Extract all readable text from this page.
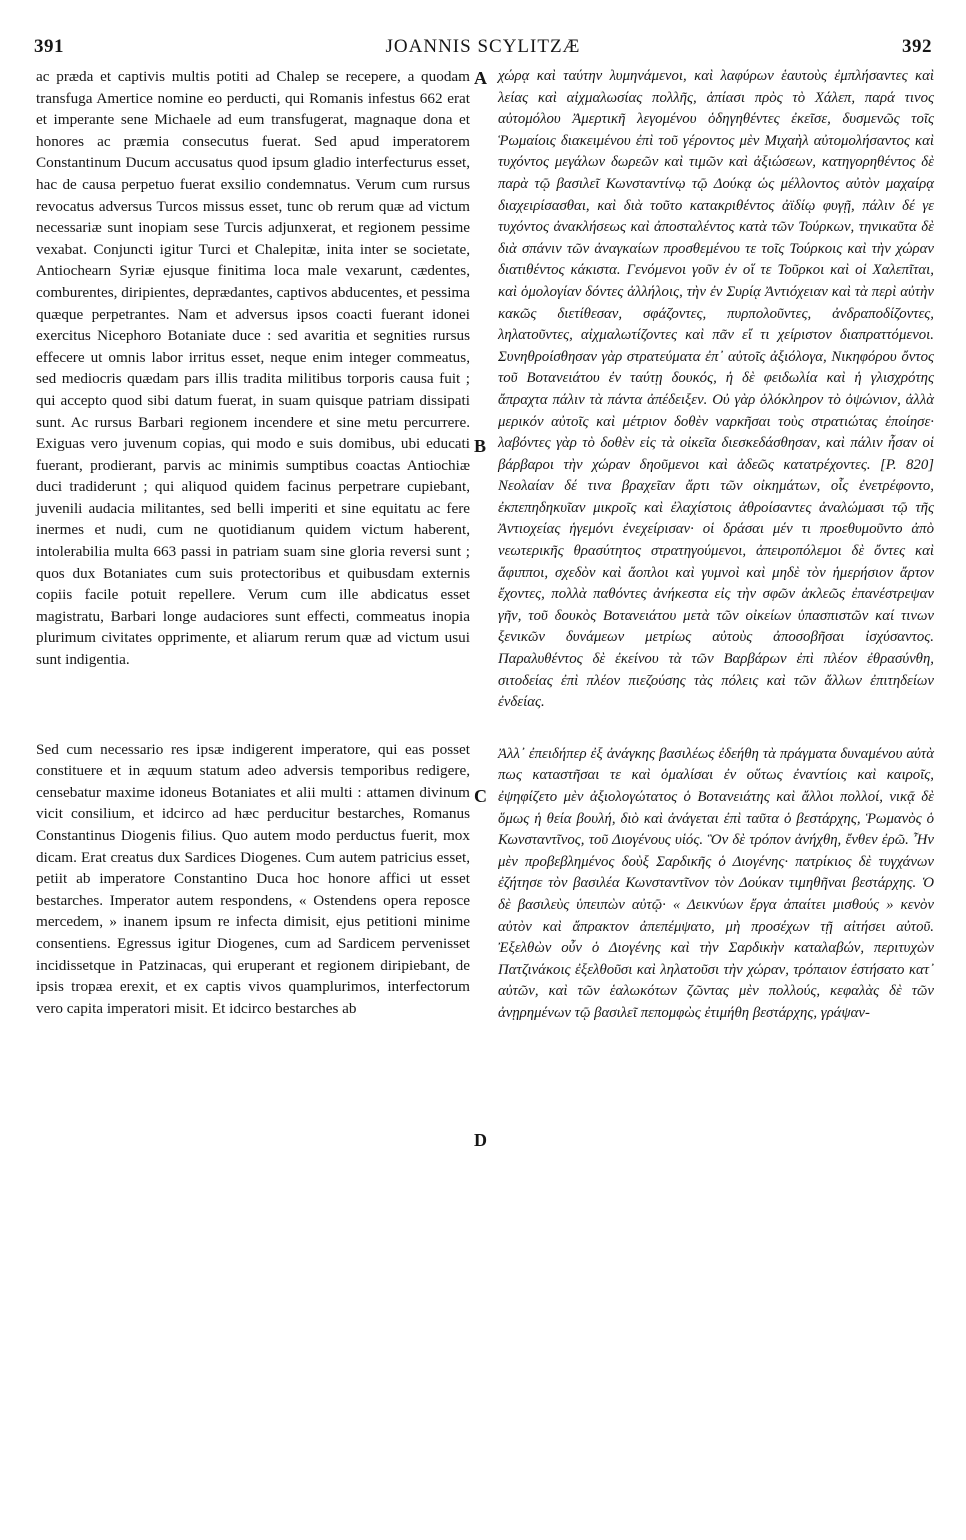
391	JOANNIS SCYLITZÆ	392

ac præda et captivis multis potiti ad Chalep se recepere, a quodam transfuga Amertice nomine eo perducti, qui Romanis infestus 662 erat et imperante sene Michaele ad eum transfugerat, magnaque dona et honores ac præmia consecutus fuerat. Sed apud imperatorem Constantinum Ducum accusatus quod ipsum gladio interfecturus esset, hac de causa perpetuo fuerat exsilio condemnatus. Verum cum rursus revocatus adversus Turcos missus esset, tunc ob rerum quæ ad victum necessariæ sunt inopiam sese Turcis adjunxerat, et regionem pessime vexabat. Conjuncti igitur Turci et Chalepitæ, inita inter se societate, Antiochearn Syriæ ejusque finitima loca male vexarunt, cædentes, comburentes, diripientes, deprædantes, captivos abducentes, et pessima quæque perpetrantes. Nam et adversus ipsos coacti fuerant idonei exercitus Nicephoro Botaniate duce : sed avaritia et segnities rursus effecere ut omnis labor irritus esset, neque enim integer commeatus, sed mediocris quædam pars illis tradita militibus torporis causa fuit ; qui accepto quod sibi datum fuerat, in suam quisque patriam dissipati sunt. Ac rursus Barbari regionem incendere et sine metu percurrere. Exiguas vero juvenum copias, qui modo e suis domibus, ubi educati fuerant, prodierant, parvis ac minimis sumptibus coactas Antiochiæ duci tradiderunt ; qui aliquod quidem facinus perpetrare cupiebant, juvenili audacia militantes, sed belli imperiti et sine equitatu ac fere inermes et nudi, cum ne quotidianum quidem victum haberent, intolerabilia multa 663 passi in patriam suam sine gloria reversi sunt ; quos dux Botaniates cum suis protectoribus et quibusdam externis copiis facile potuit repellere. Verum cum ille abdicatus esset magistratu, Barbari longe audaciores sunt effecti, commeatus inopia plurimum civitates opprimente, et aliarum rerum quæ ad victum usui sunt indigentia.

Sed cum necessario res ipsæ indigerent imperatore, qui eas posset constituere et in æquum statum adeo adversis temporibus redigere, censebatur maxime idoneus Botaniates et alii multi : attamen divinum vicit consilium, et idcirco ad hæc perducitur bestarches, Romanus Constantinus Diogenis filius. Quo autem modo perductus fuerit, mox dicam. Erat creatus dux Sardices Diogenes. Cum autem patricius esset, petiit ab imperatore Constantino Duca hoc honore affici ut esset bestarches. Imperator autem respondens, « Ostendens opera reposce mercedem, » inanem ipsum re infecta dimisit, ejus petitioni minime consentiens. Egressus igitur Diogenes, cum ad Sardicem pervenisset incidissetque in Patzinacas, qui eruperant et regionem diripiebant, de ipsis tropæa erexit, et ex captis vivos quamplurimos, interfectorum vero capita imperatori misit. Et idcirco bestarches ab

A
B
C
D

χώρᾳ καὶ ταύτην λυμηνάμενοι, καὶ λαφύρων ἑαυτοὺς ἐμπλήσαντες καὶ λείας καὶ αἰχμαλωσίας πολλῆς, ἀπίασι πρὸς τὸ Χάλεπ, παρά τινος αὐτομόλου Ἀμερτικῆ λεγομένου ὁδηγηθέντες ἐκεῖσε, δυσμενῶς τοῖς Ῥωμαίοις διακειμένου ἐπὶ τοῦ γέροντος μὲν Μιχαὴλ αὐτομολήσαντος καὶ τυχόντος μεγάλων δωρεῶν καὶ τιμῶν καὶ ἀξιώσεων, κατηγορηθέντος δὲ παρὰ τῷ βασιλεῖ Κωνσταντίνῳ τῷ Δούκᾳ ὡς μέλλοντος αὐτὸν μαχαίρᾳ διαχειρίσασθαι, καὶ διὰ τοῦτο κατακριθέντος ἀϊδίῳ φυγῇ, πάλιν δέ γε τυχόντος ἀνακλήσεως καὶ ἀποσταλέντος κατὰ τῶν Τούρκων, τηνικαῦτα δὲ διὰ σπάνιν τῶν ἀναγκαίων προσθεμένου τε τοῖς Τούρκοις καὶ τὴν χώραν διατιθέντος κάκιστα. Γενόμενοι γοῦν ἐν οἵ τε Τοῦρκοι καὶ οἱ Χαλεπῖται, καὶ ὁμολογίαν δόντες ἀλλήλοις, τὴν ἐν Συρίᾳ Ἀντιόχειαν καὶ τὰ περὶ αὐτὴν κακῶς διετίθεσαν, σφάζοντες, πυρπολοῦντες, ἀνδραποδίζοντες, ληλατοῦντες, αἰχμαλωτίζοντες καὶ πᾶν εἴ τι χείριστον διαπραττόμενοι. Συνηθροίσθησαν γὰρ στρατεύματα ἐπ᾽ αὐτοῖς ἀξιόλογα, Νικηφόρου ὄντος τοῦ Βοτανειάτου ἐν ταύτῃ δουκός, ἡ δὲ φειδωλία καὶ ἡ γλισχρότης ἄπραχτα πάλιν τὰ πάντα ἀπέδειξεν. Οὐ γὰρ ὁλόκληρον τὸ ὀψώνιον, ἀλλὰ μερικόν αὐτοῖς καὶ μέτριον δοθὲν ναρκῆσαι τοὺς στρατιώτας ἐποίησε· λαβόντες γὰρ τὸ δοθὲν εἰς τὰ οἰκεῖα διεσκεδάσθησαν, καὶ πάλιν ἦσαν οἱ βάρβαροι τὴν χώραν δηοῦμενοι καὶ ἀδεῶς κατατρέχοντες. [P. 820] Νεολαίαν δέ τινα βραχεῖαν ἄρτι τῶν οἰκημάτων, οἷς ἐνετρέφοντο, ἐκπεπηδηκυῖαν μικροῖς καὶ ἐλαχίστοις ἀθροίσαντες ἀναλώμασι τῷ τῆς Ἀντιοχείας ἡγεμόνι ἐνεχείρισαν· οἱ δράσαι μέν τι προεθυμοῦντο ἀπὸ νεωτερικῆς θρασύτητος στρατηγούμενοι, ἀπειροπόλεμοι δὲ ὄντες καὶ ἄφιπποι, σχεδὸν καὶ ἄοπλοι καὶ γυμνοὶ καὶ μηδὲ τὸν ἡμερήσιον ἄρτον ἔχοντες, πολλὰ παθόντες ἀνήκεστα εἰς τὴν σφῶν ἀκλεῶς ἐπανέστρεψαν γῆν, τοῦ δουκὸς Βοτανειάτου μετὰ τῶν οἰκείων ὑπασπιστῶν καί τινων ξενικῶν δυνάμεων μετρίως αὐτοὺς ἀποσοβῆσαι ἰσχύσαντος. Παραλυθέντος δὲ ἐκείνου τὰ τῶν Βαρβάρων ἐπὶ πλέον ἐθρασύνθη, σιτοδείας ἐπὶ πλέον πιεζούσης τὰς πόλεις καὶ τῶν ἄλλων ἐπιτηδείων ἐνδείας.

Ἀλλ᾽ ἐπειδήπερ ἐξ ἀνάγκης βασιλέως ἐδεήθη τὰ πράγματα δυναμένου αὐτὰ πως καταστῆσαι τε καὶ ὁμαλίσαι ἐν οὕτως ἐναντίοις καὶ καιροῖς, ἐψηφίζετο μὲν ἀξιολογώτατος ὁ Βοτανειάτης καὶ ἄλλοι πολλοί, νικᾷ δὲ ὅμως ἡ θεία βουλή, διὸ καὶ ἀνάγεται ἐπὶ ταῦτα ὁ βεστάρχης, Ῥωμανὸς ὁ Κωνσταντῖνος, τοῦ Διογένους υἱός. Ὃν δὲ τρόπον ἀνήχθη, ἔνθεν ἐρῶ. Ἦν μὲν προβεβλημένος δοὺξ Σαρδικῆς ὁ Διογένης· πατρίκιος δὲ τυγχάνων ἐζήτησε τὸν βασιλέα Κωνσταντῖνον τὸν Δούκαν τιμηθῆναι βεστάρχης. Ὁ δὲ βασιλεὺς ὑπειπὼν αὐτῷ· « Δεικνύων ἔργα ἀπαίτει μισθούς » κενὸν αὐτὸν καὶ ἄπρακτον ἀπεπέμψατο, μὴ προσέχων τῇ αἰτήσει αὐτοῦ. Ἐξελθὼν οὖν ὁ Διογένης καὶ τὴν Σαρδικὴν καταλαβών, περιτυχὼν Πατζινάκοις ἐξελθοῦσι καὶ ληλατοῦσι τὴν χώραν, τρόπαιον ἐστήσατο κατ᾽ αὐτῶν, καὶ τῶν ἑαλωκότων ζῶντας μὲν πολλούς, κεφαλὰς δὲ τῶν ἀνῃρημένων τῷ βασιλεῖ πεπομφὼς ἐτιμήθη βεστάρχης, γράψαν-
